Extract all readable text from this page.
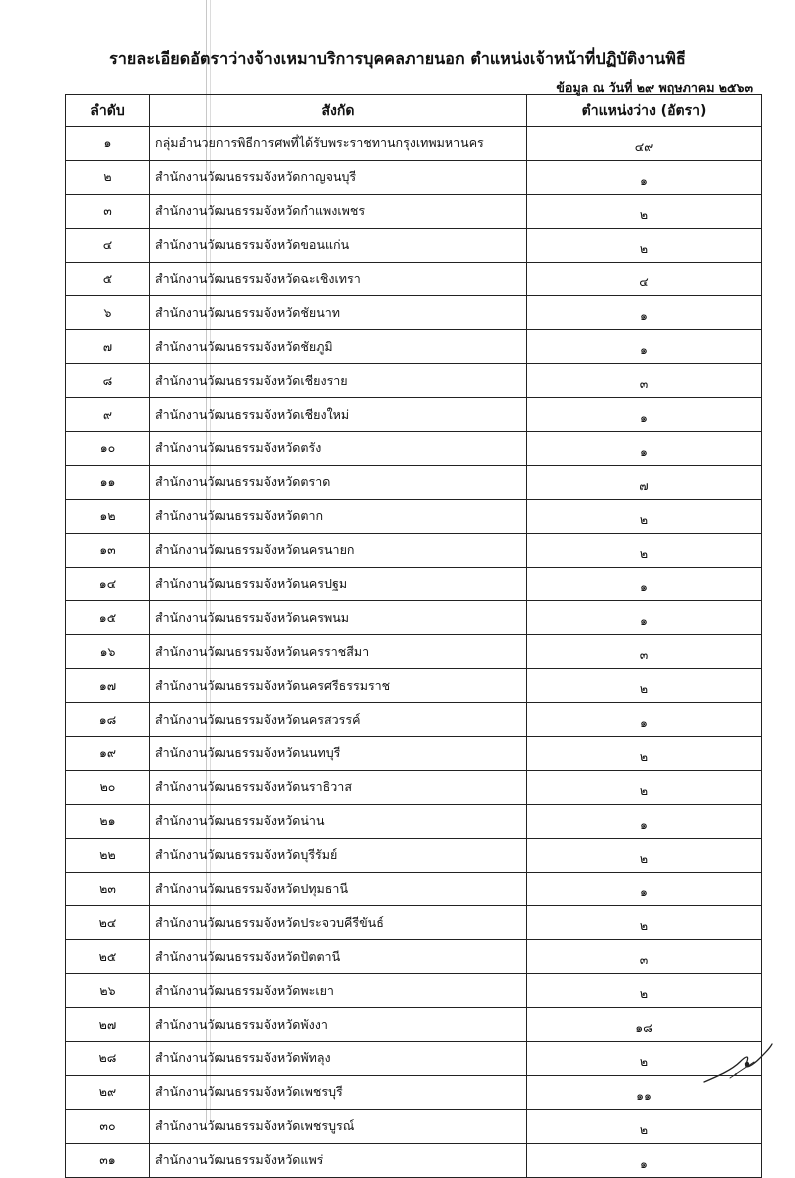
รายละเอียดอัตราว่างจ้างเหมาบริการบุคคลภายนอก ตำแหน่งเจ้าหน้าที่ปฏิบัติงานพิธี
ข้อมูล ณ วันที่ ๒๙ พฤษภาคม ๒๕๖๓
ลำดับ	สังกัด	ตำแหน่งว่าง (อัตรา)
๑	กลุ่มอำนวยการพิธีการศพที่ได้รับพระราชทานกรุงเทพมหานคร	๔๙
๒	สำนักงานวัฒนธรรมจังหวัดกาญจนบุรี	๑
๓	สำนักงานวัฒนธรรมจังหวัดกำแพงเพชร	๒
๔	สำนักงานวัฒนธรรมจังหวัดขอนแก่น	๒
๕	สำนักงานวัฒนธรรมจังหวัดฉะเชิงเทรา	๔
๖	สำนักงานวัฒนธรรมจังหวัดชัยนาท	๑
๗	สำนักงานวัฒนธรรมจังหวัดชัยภูมิ	๑
๘	สำนักงานวัฒนธรรมจังหวัดเชียงราย	๓
๙	สำนักงานวัฒนธรรมจังหวัดเชียงใหม่	๑
๑๐	สำนักงานวัฒนธรรมจังหวัดตรัง	๑
๑๑	สำนักงานวัฒนธรรมจังหวัดตราด	๗
๑๒	สำนักงานวัฒนธรรมจังหวัดตาก	๒
๑๓	สำนักงานวัฒนธรรมจังหวัดนครนายก	๒
๑๔	สำนักงานวัฒนธรรมจังหวัดนครปฐม	๑
๑๕	สำนักงานวัฒนธรรมจังหวัดนครพนม	๑
๑๖	สำนักงานวัฒนธรรมจังหวัดนครราชสีมา	๓
๑๗	สำนักงานวัฒนธรรมจังหวัดนครศรีธรรมราช	๒
๑๘	สำนักงานวัฒนธรรมจังหวัดนครสวรรค์	๑
๑๙	สำนักงานวัฒนธรรมจังหวัดนนทบุรี	๒
๒๐	สำนักงานวัฒนธรรมจังหวัดนราธิวาส	๒
๒๑	สำนักงานวัฒนธรรมจังหวัดน่าน	๑
๒๒	สำนักงานวัฒนธรรมจังหวัดบุรีรัมย์	๒
๒๓	สำนักงานวัฒนธรรมจังหวัดปทุมธานี	๑
๒๔	สำนักงานวัฒนธรรมจังหวัดประจวบคีรีขันธ์	๒
๒๕	สำนักงานวัฒนธรรมจังหวัดปัตตานี	๓
๒๖	สำนักงานวัฒนธรรมจังหวัดพะเยา	๒
๒๗	สำนักงานวัฒนธรรมจังหวัดพังงา	๑๘
๒๘	สำนักงานวัฒนธรรมจังหวัดพัทลุง	๒
๒๙	สำนักงานวัฒนธรรมจังหวัดเพชรบุรี	๑๑
๓๐	สำนักงานวัฒนธรรมจังหวัดเพชรบูรณ์	๒
๓๑	สำนักงานวัฒนธรรมจังหวัดแพร่	๑
